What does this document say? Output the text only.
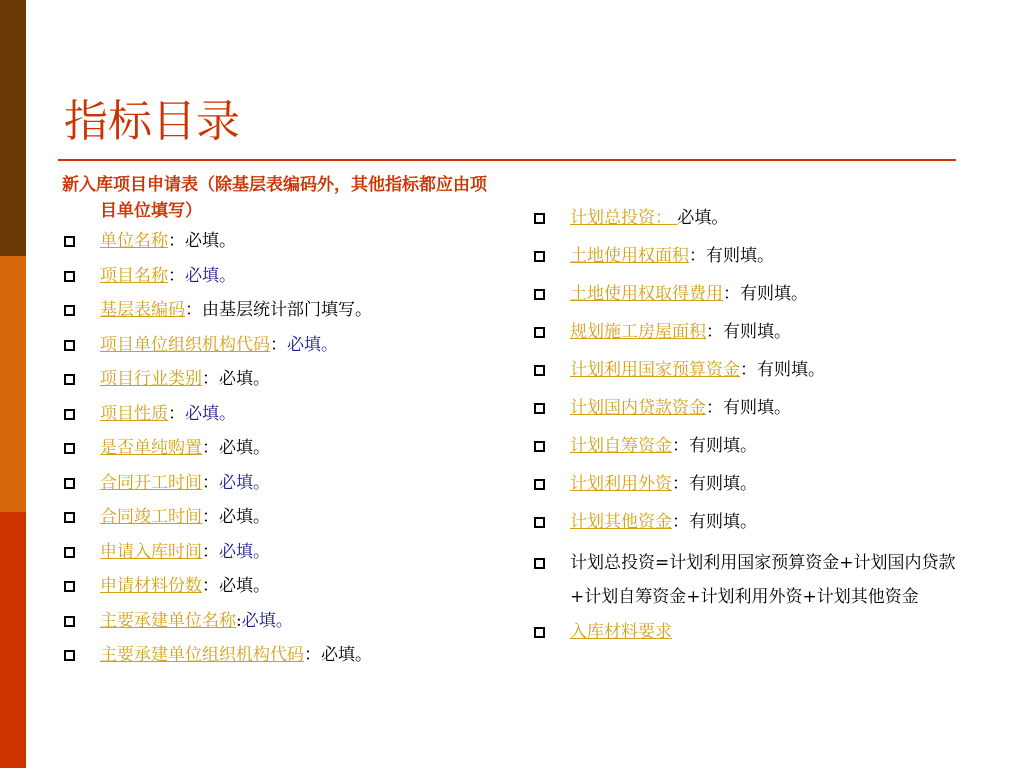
指标目录
新入库项目申请表（除基层表编码外，其他指标都应由项目单位填写）
单位名称：必填。
项目名称：必填。
基层表编码：由基层统计部门填写。
项目单位组织机构代码：必填。
项目行业类别：必填。
项目性质：必填。
是否单纯购置：必填。
合同开工时间：必填。
合同竣工时间：必填。
申请入库时间：必填。
申请材料份数：必填。
主要承建单位名称:必填。
主要承建单位组织机构代码：必填。
计划总投资： 必填。
土地使用权面积：有则填。
土地使用权取得费用：有则填。
规划施工房屋面积：有则填。
计划利用国家预算资金：有则填。
计划国内贷款资金：有则填。
计划自筹资金：有则填。
计划利用外资：有则填。
计划其他资金：有则填。
计划总投资=计划利用国家预算资金+计划国内贷款+计划自筹资金+计划利用外资+计划其他资金
入库材料要求
